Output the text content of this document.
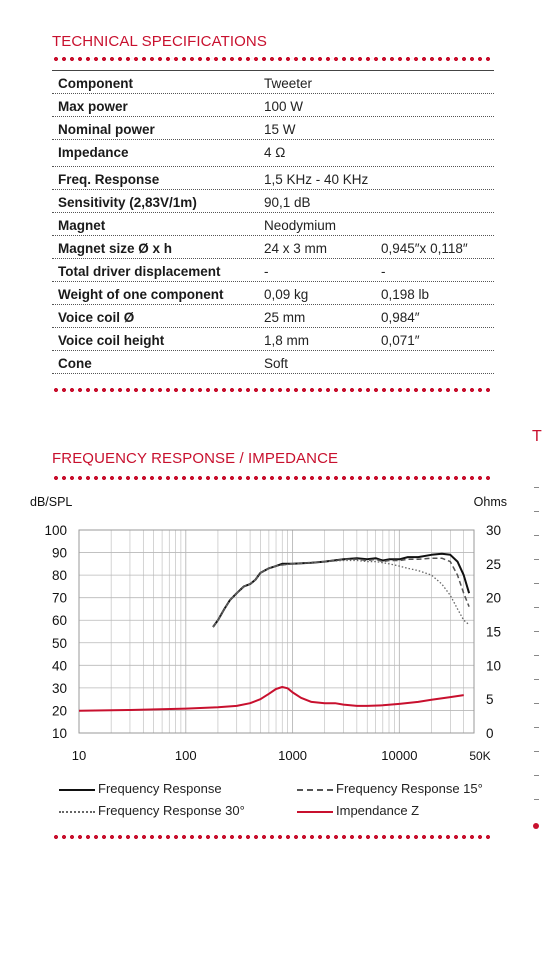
TECHNICAL SPECIFICATIONS
Component	Tweeter
Max power	100 W
Nominal power	15 W
Impedance	4 Ω
Freq. Response	1,5 KHz - 40 KHz
Sensitivity (2,83V/1m)	90,1 dB
Magnet	Neodymium
Magnet size Ø x h	24 x 3 mm	0,945″x 0,118″
Total driver displacement	-	-
Weight of one component	0,09 kg	0,198 lb
Voice coil Ø	25 mm	0,984″
Voice coil height	1,8 mm	0,071″
Cone	Soft
FREQUENCY RESPONSE / IMPEDANCE
100
90
80
70
60
50
40
30
20
10
30
25
20
15
10
5
0
10	100	1000	10000	50K
dB/SPL	Ohms
Frequency Response	Frequency Response 15°
Frequency Response 30°	Impendance Z
T
